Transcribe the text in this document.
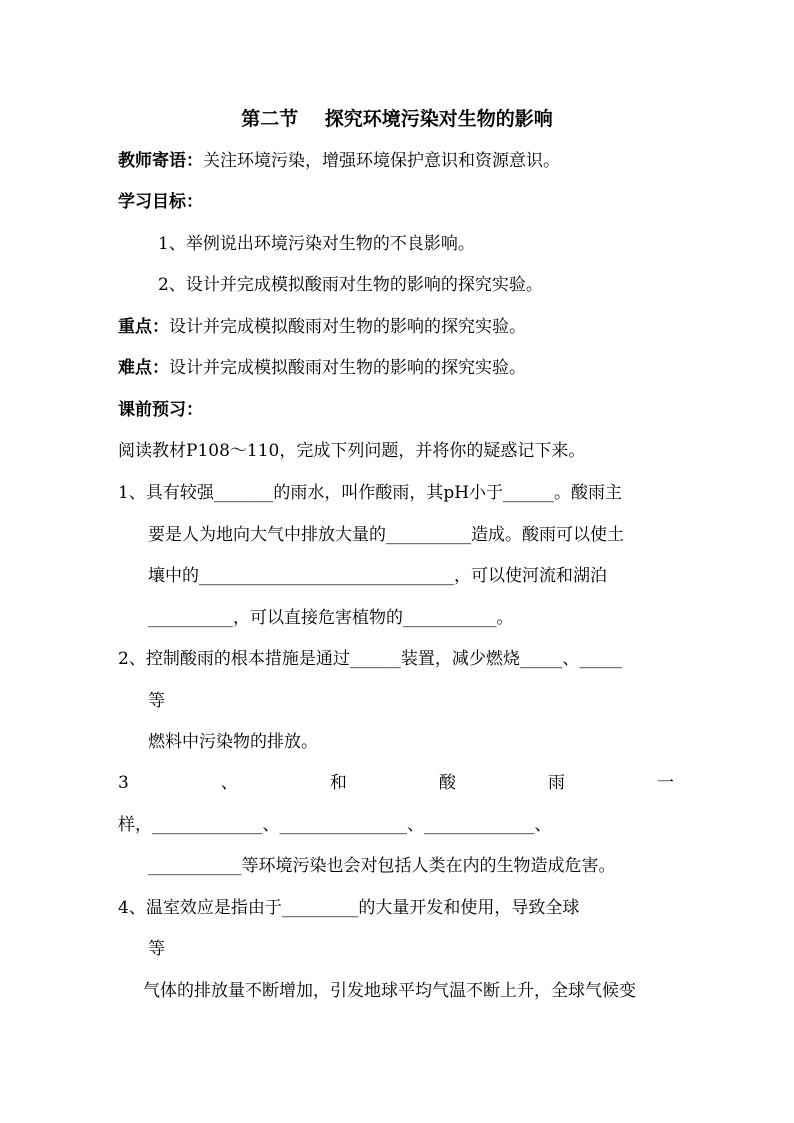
第二节    探究环境污染对生物的影响
教师寄语：关注环境污染，增强环境保护意识和资源意识。
学习目标：
1、举例说出环境污染对生物的不良影响。
2、设计并完成模拟酸雨对生物的影响的探究实验。
重点：设计并完成模拟酸雨对生物的影响的探究实验。
难点：设计并完成模拟酸雨对生物的影响的探究实验。
课前预习：
阅读教材P108～110，完成下列问题，并将你的疑惑记下来。
1、具有较强_______的雨水，叫作酸雨，其pH小于______。酸雨主
要是人为地向大气中排放大量的__________造成。酸雨可以使土
壤中的______________________________，可以使河流和湖泊
__________，可以直接危害植物的___________。
2、控制酸雨的根本措施是通过______装置，减少燃烧_____、_____
等
燃料中污染物的排放。
3	、	和	酸	雨	一
样，_____________、_______________、_____________、
___________等环境污染也会对包括人类在内的生物造成危害。
4、温室效应是指由于_________的大量开发和使用，导致全球
等
气体的排放量不断增加，引发地球平均气温不断上升，全球气候变
